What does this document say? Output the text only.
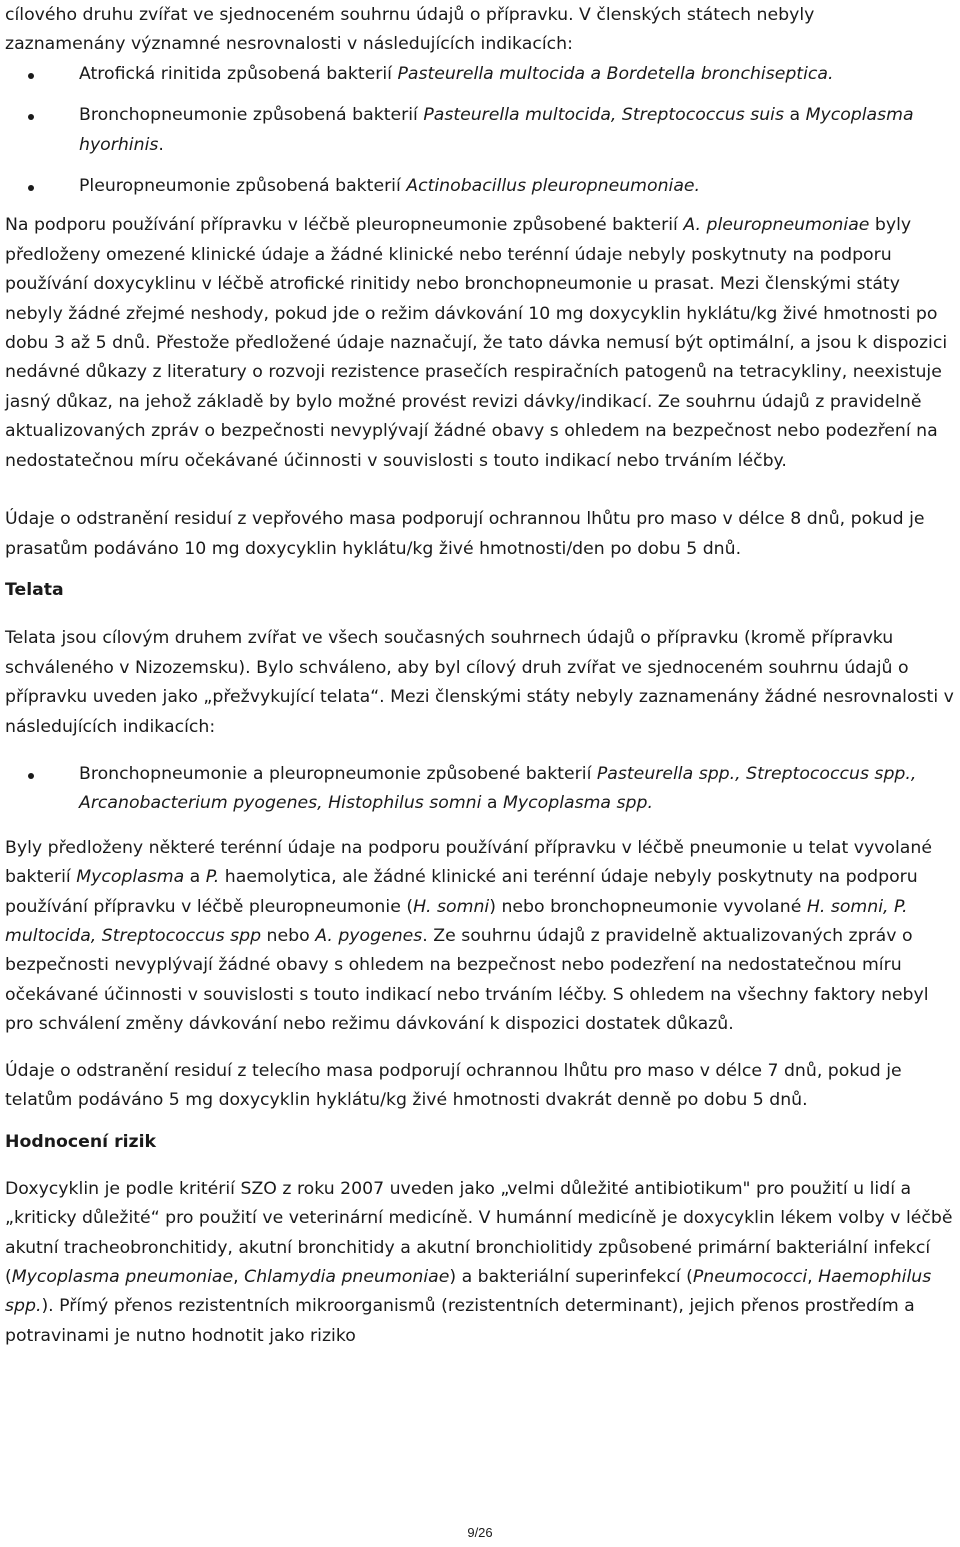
cílového druhu zvířat ve sjednoceném souhrnu údajů o přípravku. V členských státech nebyly
zaznamenány významné nesrovnalosti v následujících indikacích:

Atrofická rinitida způsobená bakterií Pasteurella multocida a Bordetella bronchiseptica.
Bronchopneumonie způsobená bakterií Pasteurella multocida, Streptococcus suis a Mycoplasma hyorhinis.
Pleuropneumonie způsobená bakterií Actinobacillus pleuropneumoniae.

Na podporu používání přípravku v léčbě pleuropneumonie způsobené bakterií A. pleuropneumoniae byly předloženy omezené klinické údaje a žádné klinické nebo terénní údaje nebyly poskytnuty na podporu používání doxycyklinu v léčbě atrofické rinitidy nebo bronchopneumonie u prasat. Mezi členskými státy nebyly žádné zřejmé neshody, pokud jde o režim dávkování 10 mg doxycyklin hyklátu/kg živé hmotnosti po dobu 3 až 5 dnů. Přestože předložené údaje naznačují, že tato dávka nemusí být optimální, a jsou k dispozici nedávné důkazy z literatury o rozvoji rezistence prasečích respiračních patogenů na tetracykliny, neexistuje jasný důkaz, na jehož základě by bylo možné provést revizi dávky/indikací. Ze souhrnu údajů z pravidelně aktualizovaných zpráv o bezpečnosti nevyplývají žádné obavy s ohledem na bezpečnost nebo podezření na nedostatečnou míru očekávané účinnosti v souvislosti s touto indikací nebo trváním léčby.

Údaje o odstranění residuí z vepřového masa podporují ochrannou lhůtu pro maso v délce 8 dnů, pokud je prasatům podáváno 10 mg doxycyklin hyklátu/kg živé hmotnosti/den po dobu 5 dnů.

Telata

Telata jsou cílovým druhem zvířat ve všech současných souhrnech údajů o přípravku (kromě přípravku schváleného v Nizozemsku). Bylo schváleno, aby byl cílový druh zvířat ve sjednoceném souhrnu údajů o přípravku uveden jako „přežvykující telata“. Mezi členskými státy nebyly zaznamenány žádné nesrovnalosti v následujících indikacích:

Bronchopneumonie a pleuropneumonie způsobené bakterií Pasteurella spp., Streptococcus spp., Arcanobacterium pyogenes, Histophilus somni a Mycoplasma spp.

Byly předloženy některé terénní údaje na podporu používání přípravku v léčbě pneumonie u telat vyvolané bakterií Mycoplasma a P. haemolytica, ale žádné klinické ani terénní údaje nebyly poskytnuty na podporu používání přípravku v léčbě pleuropneumonie (H. somni) nebo bronchopneumonie vyvolané H. somni, P. multocida, Streptococcus spp nebo A. pyogenes. Ze souhrnu údajů z pravidelně aktualizovaných zpráv o bezpečnosti nevyplývají žádné obavy s ohledem na bezpečnost nebo podezření na nedostatečnou míru očekávané účinnosti v souvislosti s touto indikací nebo trváním léčby. S ohledem na všechny faktory nebyl pro schválení změny dávkování nebo režimu dávkování k dispozici dostatek důkazů.

Údaje o odstranění residuí z telecího masa podporují ochrannou lhůtu pro maso v délce 7 dnů, pokud je telatům podáváno 5 mg doxycyklin hyklátu/kg živé hmotnosti dvakrát denně po dobu 5 dnů.

Hodnocení rizik

Doxycyklin je podle kritérií SZO z roku 2007 uveden jako „velmi důležité antibiotikum" pro použití u lidí a „kriticky důležité“ pro použití ve veterinární medicíně. V humánní medicíně je doxycyklin lékem volby v léčbě akutní tracheobronchitidy, akutní bronchitidy a akutní bronchiolitidy způsobené primární bakteriální infekcí (Mycoplasma pneumoniae, Chlamydia pneumoniae) a bakteriální superinfekcí (Pneumococci, Haemophilus spp.). Přímý přenos rezistentních mikroorganismů (rezistentních determinant), jejich přenos prostředím a potravinami je nutno hodnotit jako riziko

9/26
